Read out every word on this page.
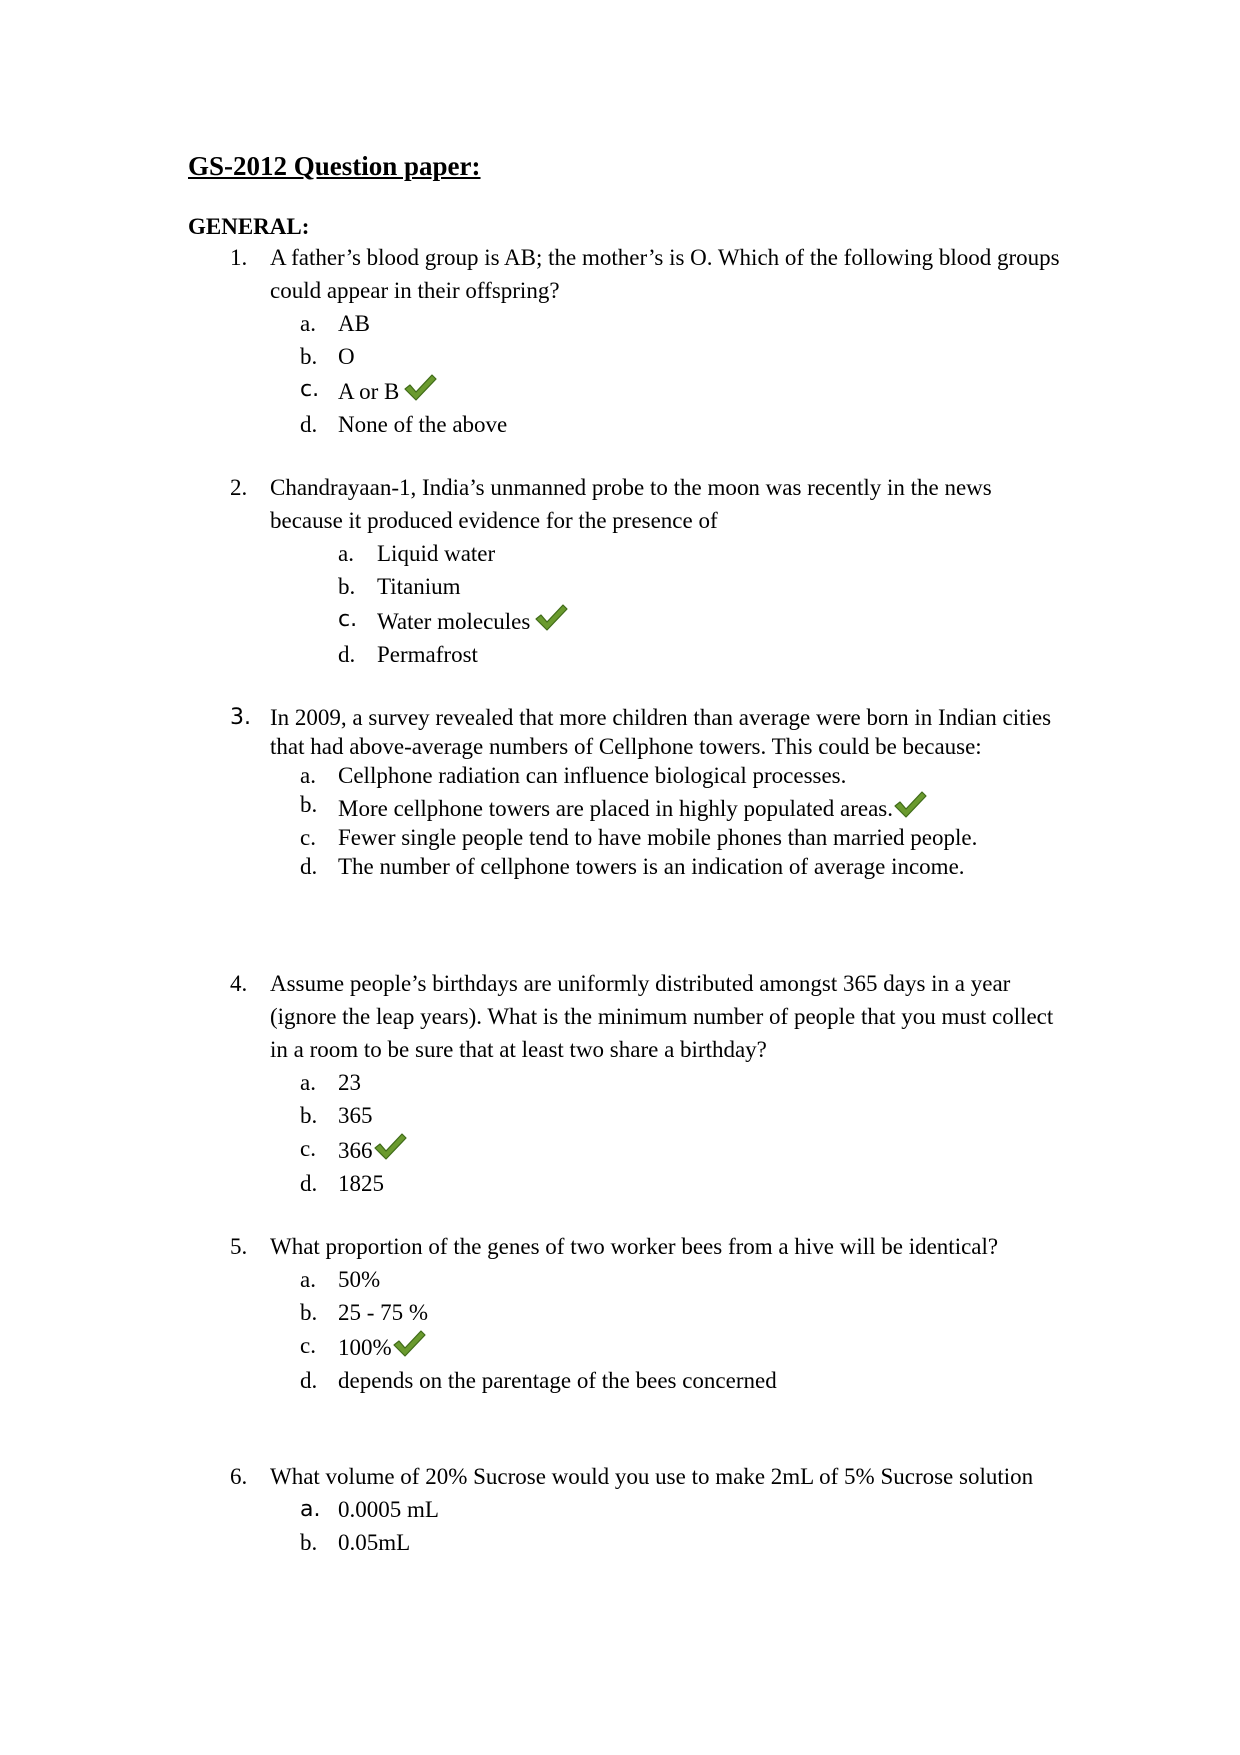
GS-2012 Question paper:
GENERAL:
1. A father’s blood group is AB; the mother’s is O. Which of the following blood groups could appear in their offspring?
a. AB
b. O
c. A or B
d. None of the above
2. Chandrayaan-1, India’s unmanned probe to the moon was recently in the news because it produced evidence for the presence of
a.	Liquid water
b. Titanium
c. Water molecules
d. Permafrost
3. In 2009, a survey revealed that more children than average were born in Indian cities that had above-average numbers of Cellphone towers. This could be because:
a. Cellphone radiation can influence biological processes.
b. More cellphone towers are placed in highly populated areas.
c. Fewer single people tend to have mobile phones than married people.
d. The number of cellphone towers is an indication of average income.
4. Assume people’s birthdays are uniformly distributed amongst 365 days in a year (ignore the leap years). What is the minimum number of people that you must collect in a room to be sure that at least two share a birthday?
a. 23
b. 365
c. 366
d. 1825
5. What proportion of the genes of two worker bees from a hive will be identical?
a. 50%
b. 25 - 75 %
c. 100%
d. depends on the parentage of the bees concerned
6. What volume of 20% Sucrose would you use to make 2mL of 5% Sucrose solution
a. 0.0005 mL
b. 0.05mL
